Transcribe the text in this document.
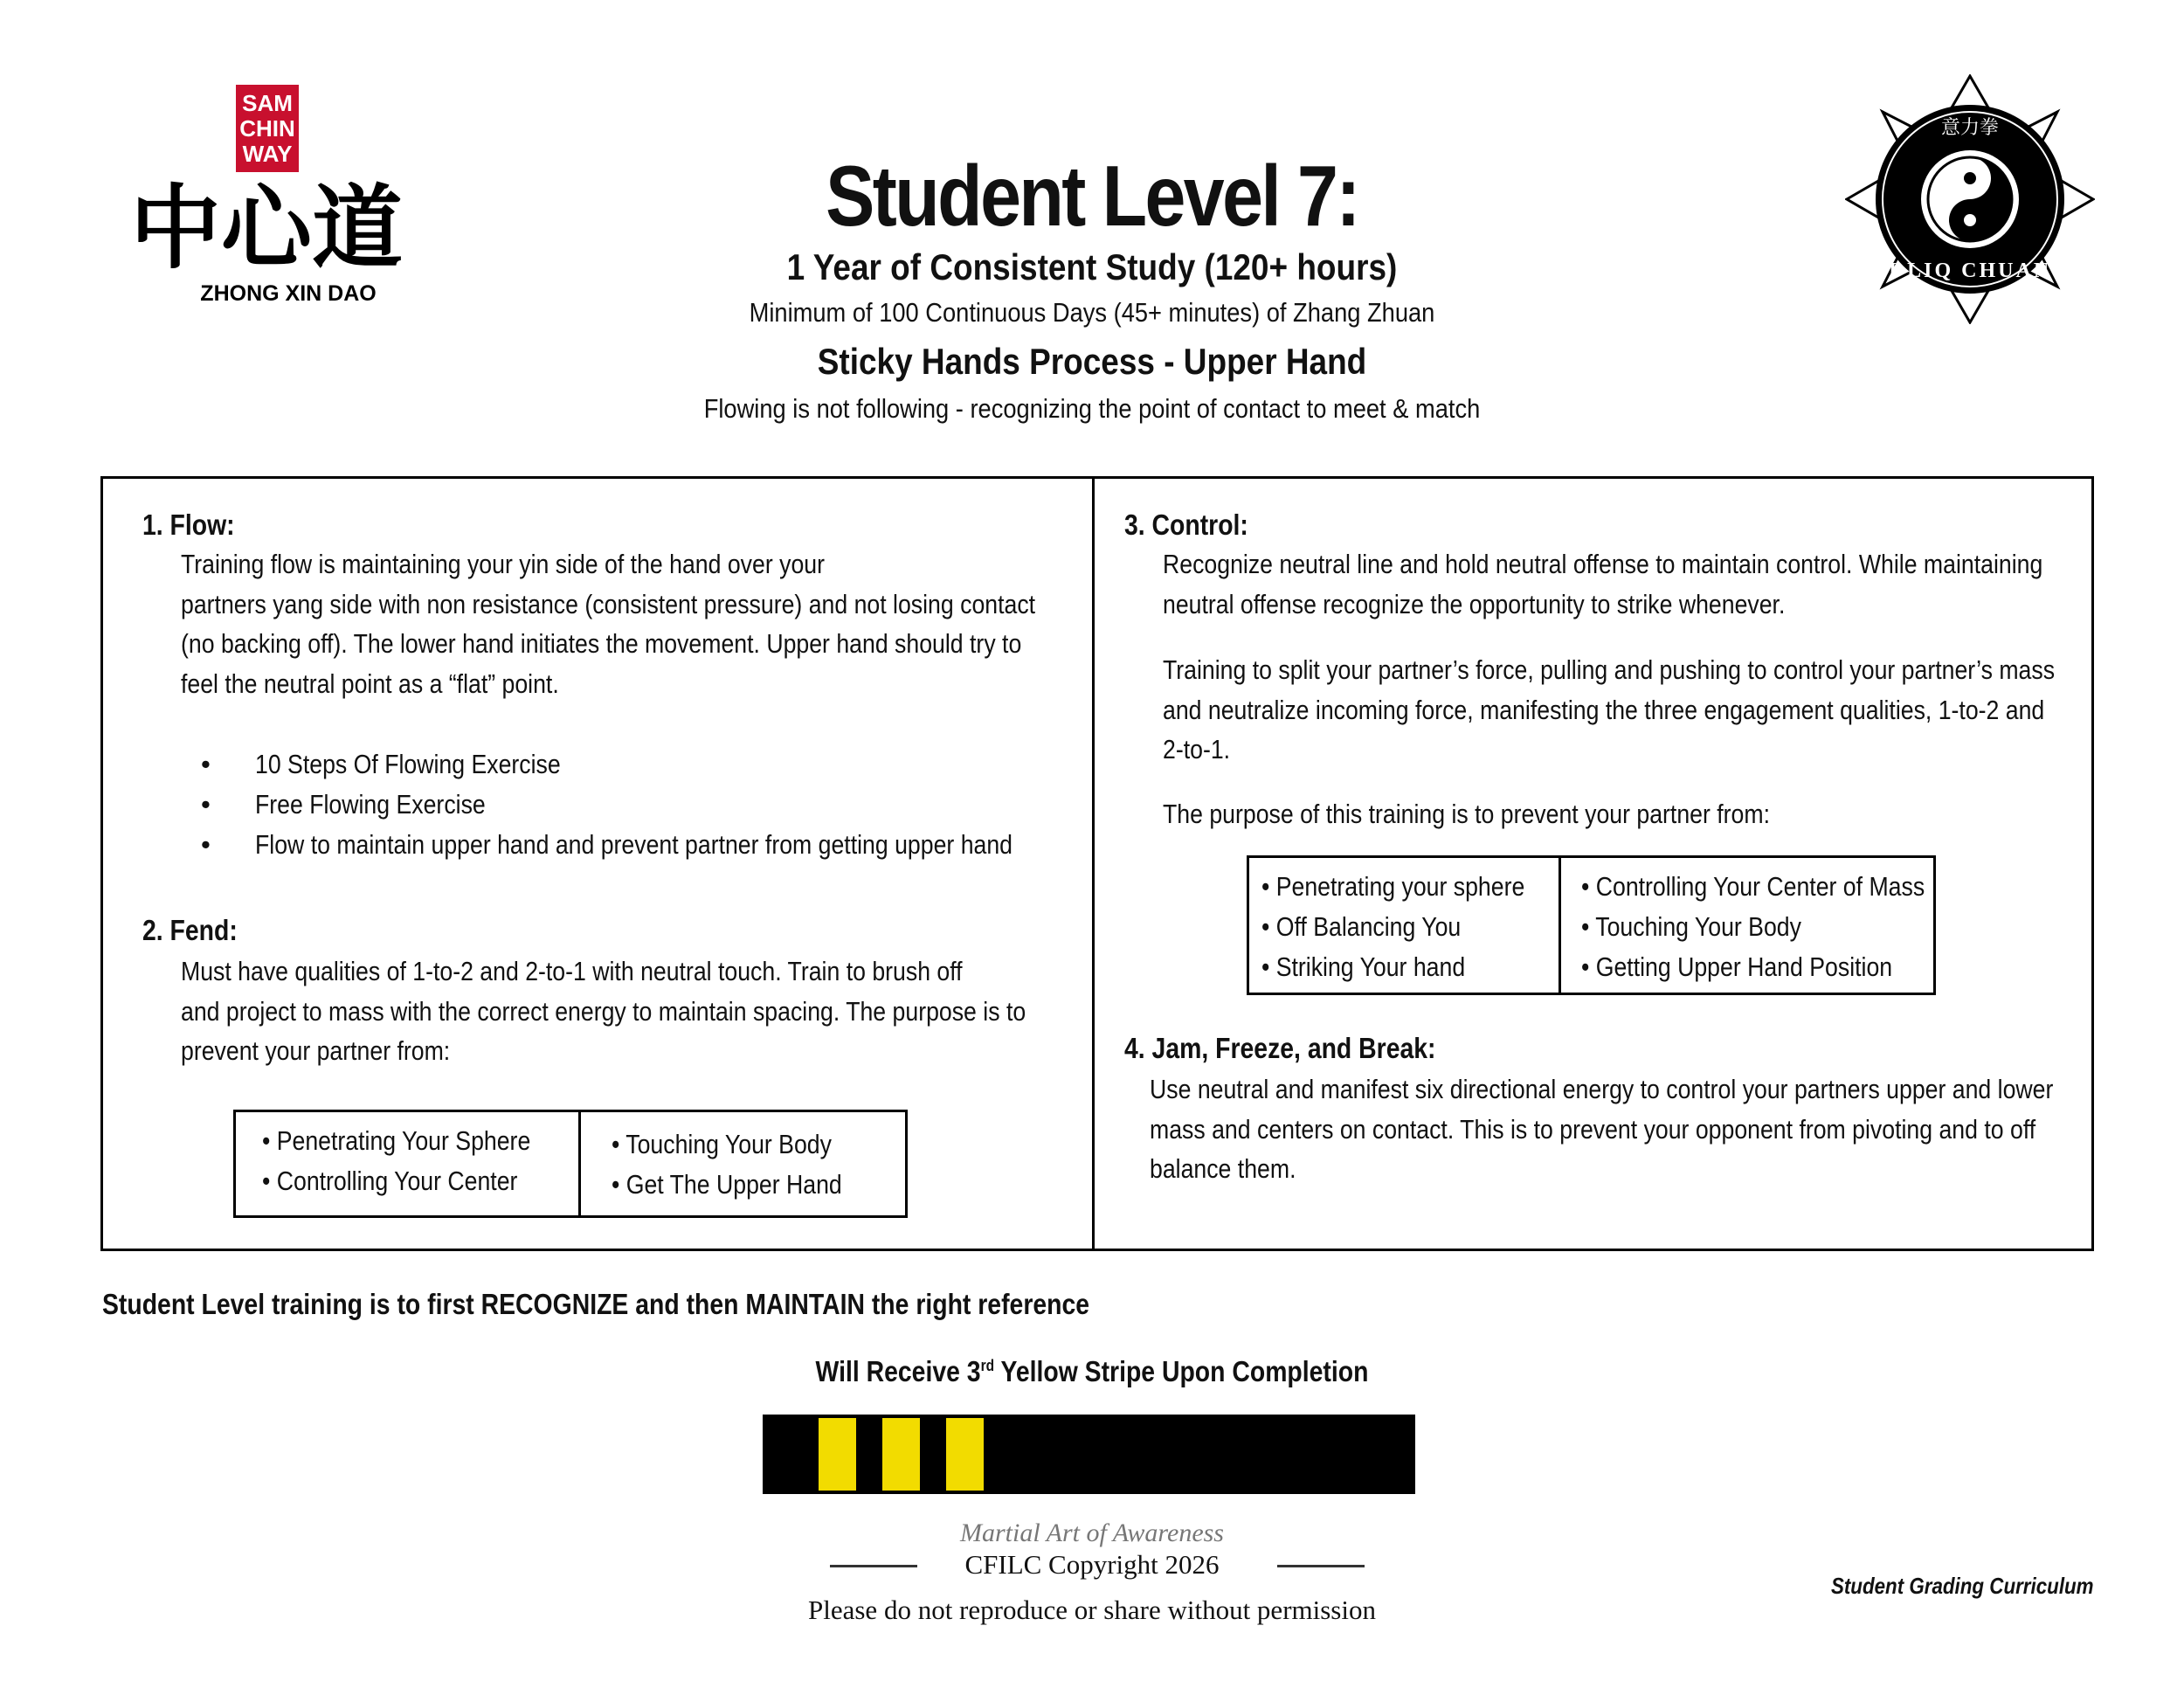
SAM
CHIN
WAY
中心道
ZHONG XIN DAO
意力拳
I LIQ CHUAN
Student Level 7:
1 Year of Consistent Study (120+ hours)
Minimum of 100 Continuous Days (45+ minutes) of Zhang Zhuan
Sticky Hands Process - Upper Hand
Flowing is not following - recognizing the point of contact to meet & match
1. Flow:
Training flow is maintaining your yin side of the hand over your
partners yang side with non resistance (consistent pressure) and not losing contact
(no backing off). The lower hand initiates the movement. Upper hand should try to
feel the neutral point as a “flat” point.
• 10 Steps Of Flowing Exercise
• Free Flowing Exercise
• Flow to maintain upper hand and prevent partner from getting upper hand
2. Fend:
Must have qualities of 1-to-2 and 2-to-1 with neutral touch. Train to brush off
and project to mass with the correct energy to maintain spacing. The purpose is to
prevent your partner from:
• Penetrating Your Sphere
• Controlling Your Center
• Touching Your Body
• Get The Upper Hand
3. Control:
Recognize neutral line and hold neutral offense to maintain control. While maintaining
neutral offense recognize the opportunity to strike whenever.
Training to split your partner’s force, pulling and pushing to control your partner’s mass
and neutralize incoming force, manifesting the three engagement qualities, 1-to-2 and
2-to-1.
The purpose of this training is to prevent your partner from:
• Penetrating your sphere
• Off Balancing You
• Striking Your hand
• Controlling Your Center of Mass
• Touching Your Body
• Getting Upper Hand Position
4. Jam, Freeze, and Break:
Use neutral and manifest six directional energy to control your partners upper and lower
mass and centers on contact. This is to prevent your opponent from pivoting and to off
balance them.
Student Level training is to first RECOGNIZE and then MAINTAIN the right reference
Will Receive 3rd Yellow Stripe Upon Completion
Martial Art of Awareness
CFILC Copyright 2026
Please do not reproduce or share without permission
Student Grading Curriculum
